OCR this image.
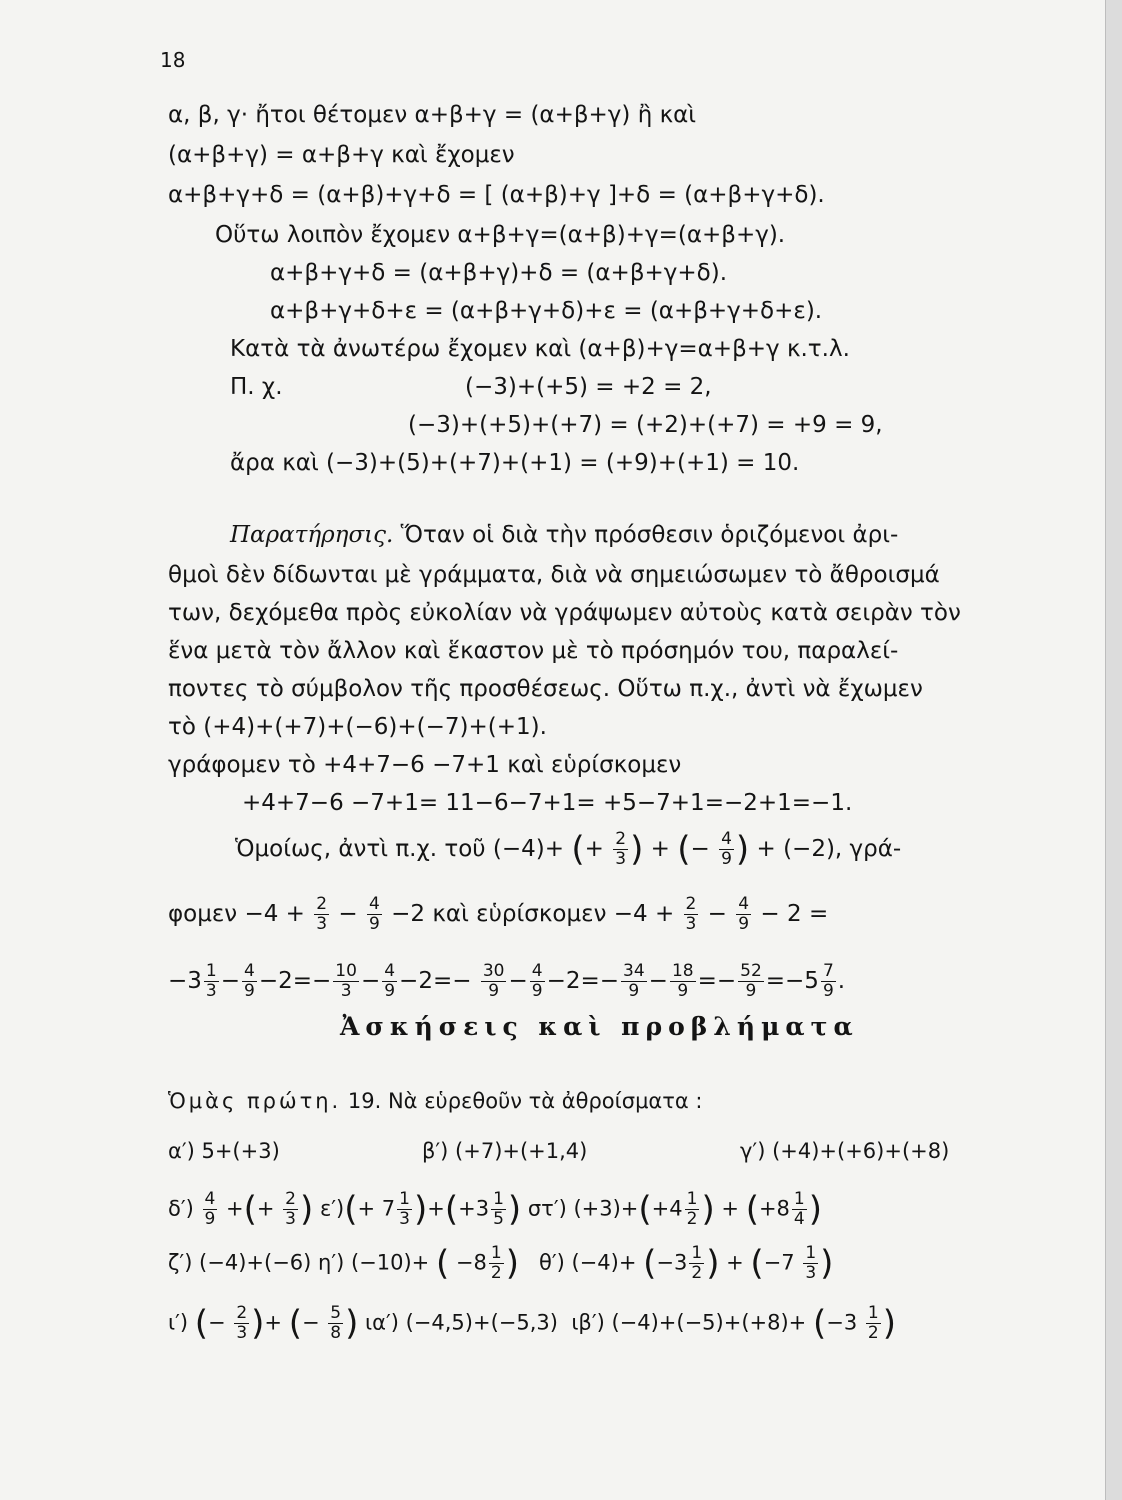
18
α, β, γ· ἤτοι θέτομεν α+β+γ = (α+β+γ) ἢ καὶ
(α+β+γ) = α+β+γ καὶ ἔχομεν
α+β+γ+δ = (α+β)+γ+δ = [ (α+β)+γ ]+δ = (α+β+γ+δ).
Οὕτω λοιπὸν ἔχομεν α+β+γ=(α+β)+γ=(α+β+γ).
α+β+γ+δ = (α+β+γ)+δ = (α+β+γ+δ).
α+β+γ+δ+ε = (α+β+γ+δ)+ε = (α+β+γ+δ+ε).
Κατὰ τὰ ἀνωτέρω ἔχομεν καὶ (α+β)+γ=α+β+γ κ.τ.λ.
Π. χ.	(−3)+(+5) = +2 = 2,
(−3)+(+5)+(+7) = (+2)+(+7) = +9 = 9,
ἄρα καὶ (−3)+(5)+(+7)+(+1) = (+9)+(+1) = 10.
Παρατήρησις. Ὅταν οἱ διὰ τὴν πρόσθεσιν ὁριζόμενοι ἀρι-
θμοὶ δὲν δίδωνται μὲ γράμματα, διὰ νὰ σημειώσωμεν τὸ ἄθροισμά
των, δεχόμεθα πρὸς εὐκολίαν νὰ γράψωμεν αὐτοὺς κατὰ σειρὰν τὸν
ἕνα μετὰ τὸν ἄλλον καὶ ἕκαστον μὲ τὸ πρόσημόν του, παραλεί-
ποντες τὸ σύμβολον τῆς προσθέσεως. Οὕτω π.χ., ἀντὶ νὰ ἔχωμεν
τὸ (+4)+(+7)+(−6)+(−7)+(+1).
γράφομεν τὸ +4+7−6 −7+1 καὶ εὑρίσκομεν
+4+7−6 −7+1= 11−6−7+1= +5−7+1=−2+1=−1.
Ὁμοίως, ἀντὶ π.χ. τοῦ (−4)+ (+ $\frac{2}{3}$ ) + (− $\frac{4}{9}$ ) + (−2), γρά-
$\varphi o\mu\varepsilon\nu -4 + \frac{2}{3} - \frac{4}{9} -2$ καὶ εὑρίσκομεν $-4 + \frac{2}{3} - \frac{4}{9} - 2$ =
$-3 \frac{1}{3} - \frac{4}{9} -2=- \frac{10}{3} - \frac{4}{9} -2=- \frac{30}{9} - \frac{4}{9} -2=- \frac{34}{9} - \frac{18}{9} =- \frac{52}{9} =-5 \frac{7}{9}$ .
Ἀσκήσεις καὶ προβλήματα
Ὁμὰς πρώτη. 19. Νὰ εὑρεθοῦν τὰ ἀθροίσματα :
α′) 5+(+3)	β′) (+7)+(+1,4)	γ′) (+4)+(+6)+(+8)
$\delta') \frac{4}{9}$ +(+ $\frac{2}{3}$ ) $\varepsilon')(+ 7 \frac{1}{3} )+(+3 \frac{1}{5}$ ) στ′) $(+3)+(+4 \frac{1}{2}$ ) + ($+8 \frac{1}{4}$ )
ζ′) (−4)+(−6) η′) (−10)+ ( $-8 \frac{1}{2}$ ) θ′) $(-4)+ (-3 \frac{1}{2}$ ) + ($-7 \frac{1}{3}$ )
ι′) (− $\frac{2}{3}$ )+ (− $\frac{5}{8}$ ) ια′) (−4,5)+(−5,3) ιβ′) $(-4)+(-5)+(+8)+ (-3 \frac{1}{2}$ )
